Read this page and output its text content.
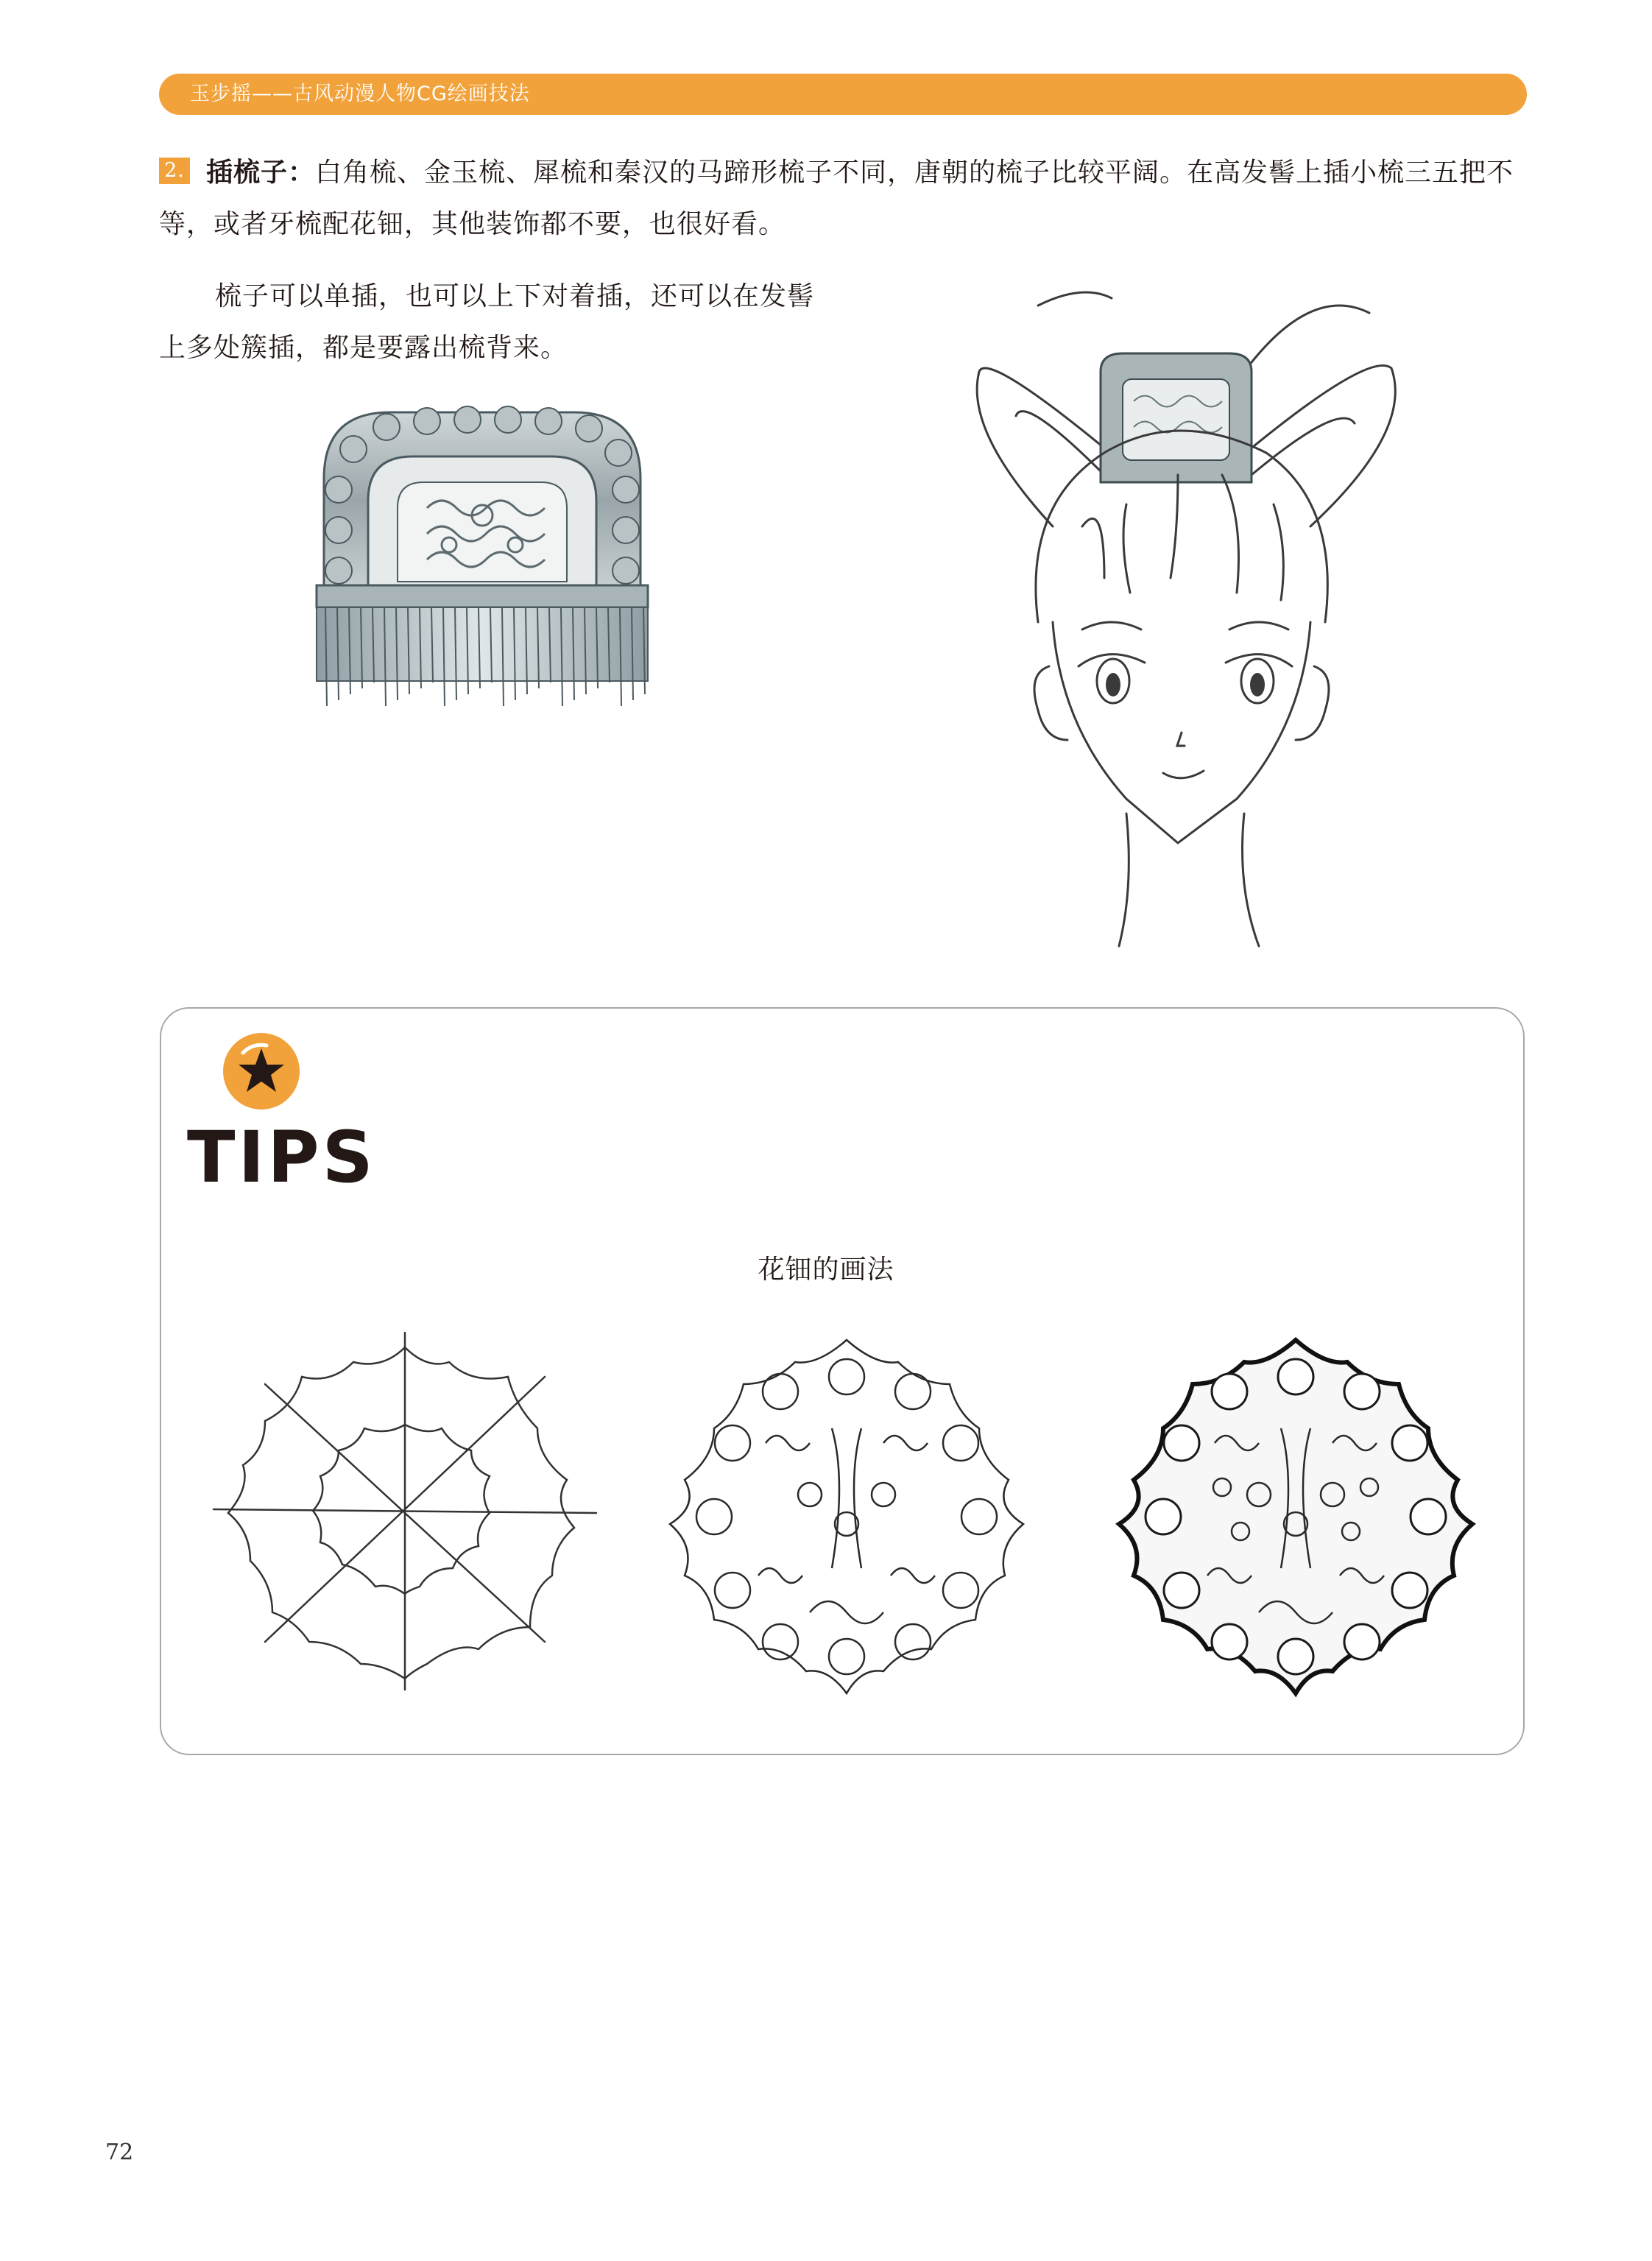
玉步摇——古风动漫人物CG绘画技法
2. 插梳子：白角梳、金玉梳、犀梳和秦汉的马蹄形梳子不同，唐朝的梳子比较平阔。在高发髻上插小梳三五把不等，或者牙梳配花钿，其他装饰都不要，也很好看。
梳子可以单插，也可以上下对着插，还可以在发髻上多处簇插，都是要露出梳背来。
TIPS
花钿的画法
72
